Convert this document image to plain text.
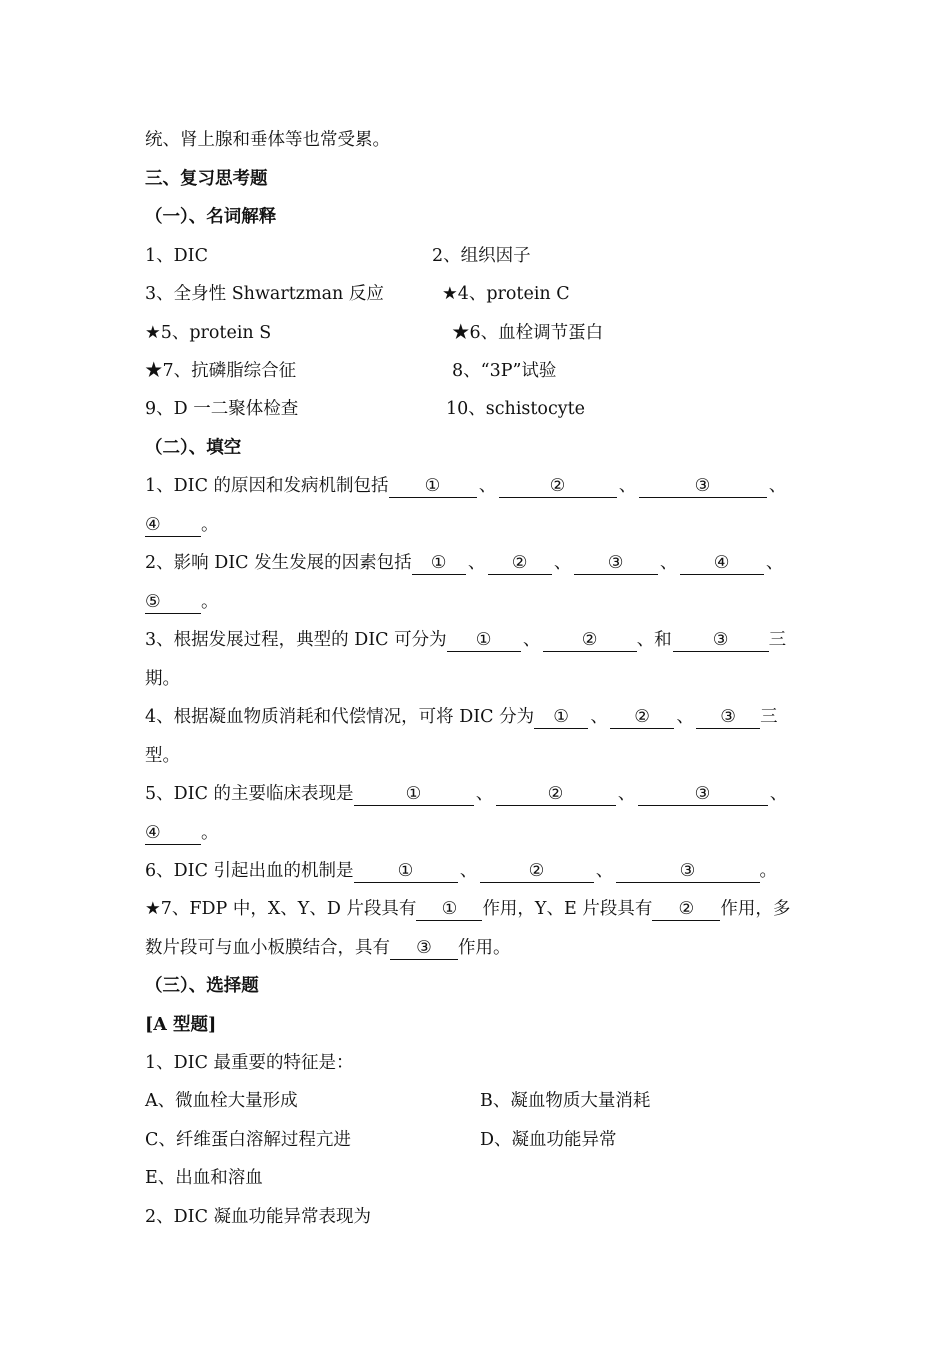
统、肾上腺和垂体等也常受累。
三、复习思考题
（一）、名词解释
1、DIC	2、组织因子
3、全身性 Shwartzman 反应	★4、protein C
★5、protein S	★6、血栓调节蛋白
★7、抗磷脂综合征	8、“3P”试验
9、D 一二聚体检查	10、schistocyte
（二）、填空
1、DIC 的原因和发病机制包括 ① 、	②	、	③	、
④ 。
2、影响 DIC 发生发展的因素包括 ① 、 ② 、 ③ 、 ④ 、
⑤ 。
3、根据发展过程，典型的 DIC 可分为 ① 、 ② 、和 ③ 三
期。
4、根据凝血物质消耗和代偿情况，可将 DIC 分为 ① 、 ② 、 ③ 三
型。
5、DIC 的主要临床表现是	①	、	②	、	③	、
④ 。
6、DIC 引起出血的机制是	①	、	②	、	③	。
★7、FDP 中，X、Y、D 片段具有 ① 作用，Y、E 片段具有 ② 作用，多
数片段可与血小板膜结合，具有 ③ 作用。
（三）、选择题
[A 型题]
1、DIC 最重要的特征是：
A、微血栓大量形成	B、凝血物质大量消耗
C、纤维蛋白溶解过程亢进	D、凝血功能异常
E、出血和溶血
2、DIC 凝血功能异常表现为
